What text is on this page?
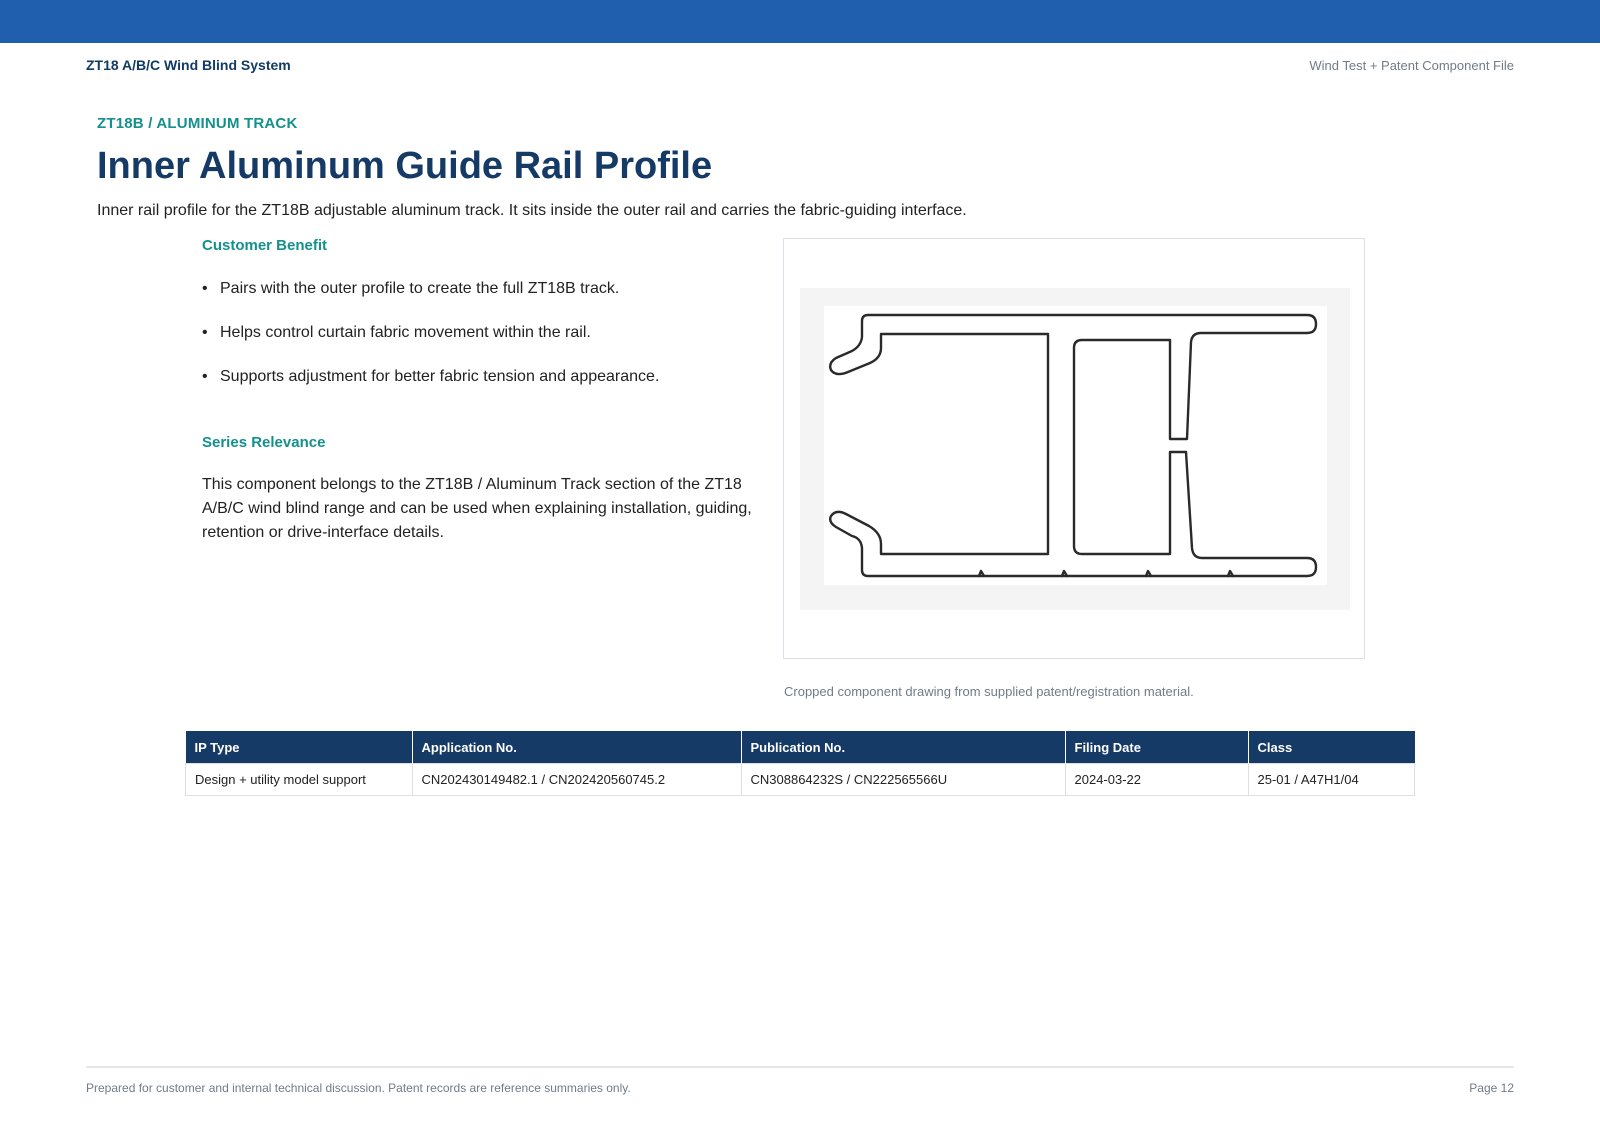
ZT18 A/B/C Wind Blind System	Wind Test + Patent Component File
ZT18B / ALUMINUM TRACK
Inner Aluminum Guide Rail Profile
Inner rail profile for the ZT18B adjustable aluminum track. It sits inside the outer rail and carries the fabric-guiding interface.
Customer Benefit
• Pairs with the outer profile to create the full ZT18B track.
• Helps control curtain fabric movement within the rail.
• Supports adjustment for better fabric tension and appearance.
Series Relevance

This component belongs to the ZT18B / Aluminum Track section of the ZT18 A/B/C wind blind range and can be used when explaining installation, guiding, retention or drive-interface details.

Cropped component drawing from supplied patent/registration material.
IP Type	Application No.	Publication No.	Filing Date	Class
Design + utility model support	CN202430149482.1 / CN202420560745.2	CN308864232S / CN222565566U	2024-03-22	25-01 / A47H1/04
Prepared for customer and internal technical discussion. Patent records are reference summaries only.	Page 12
